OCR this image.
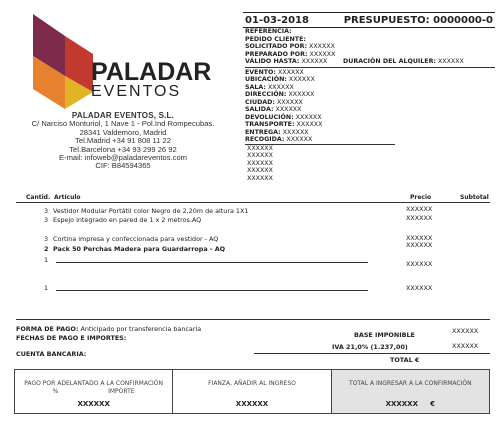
PALADAR
EVENTOS
PALADAR EVENTOS, S.L.
C/ Narciso Monturiol, 1 Nave 1 - Pol.Ind Rompecubas.
28341 Valdemoro, Madrid
Tel.Madrid +34 91 808 11 22
Tel.Barcelona +34 93 299 26 92
E-mail: infoweb@paladareventos.com
CIF: B84594365
01-03-2018	PRESUPUESTO: 0000000-0
REFERENCIA:
PEDIDO CLIENTE:
SOLICITADO POR: XXXXXX
PREPARADO POR: XXXXXX
VÁLIDO HASTA: XXXXXX	DURACIÓN DEL ALQUILER: XXXXXX
EVENTO: XXXXXX
UBICACIÓN: XXXXXX
SALA: XXXXXX
DIRECCIÓN: XXXXXX
CIUDAD: XXXXXX
SALIDA: XXXXXX
DEVOLUCIÓN: XXXXXX
TRANSPORTE: XXXXXX
ENTREGA: XXXXXX
RECOGIDA: XXXXXX
XXXXXX
XXXXXX
XXXXXX
XXXXXX
XXXXXX
Cantid. Artículo	Precio	Subtotal
3 Vestidor Modular Portátil color Negro de 2,20m de altura 1X1	XXXXXX
3 Espejo integrado en pared de 1 x 2 metros.AQ	XXXXXX
3 Cortina impresa y confeccionada para vestidor - AQ	XXXXXX
2 Pack 50 Perchas Madera para Guardarropa - AQ	XXXXXX
1	XXXXXX
1	XXXXXX
FORMA DE PAGO: Anticipado por transferencia bancaria
FECHAS DE PAGO E IMPORTES:
CUENTA BANCARIA:
BASE IMPONIBLE	XXXXXX
IVA 21,0% (1.237,00)	XXXXXX
TOTAL €
PAGO POR ADELANTADO A LA CONFIRMACIÓN
%                          IMPORTE
XXXXXX
FIANZA, AÑADIR AL INGRESO
XXXXXX
TOTAL A INGRESAR A LA CONFIRMACIÓN
XXXXXX     €
